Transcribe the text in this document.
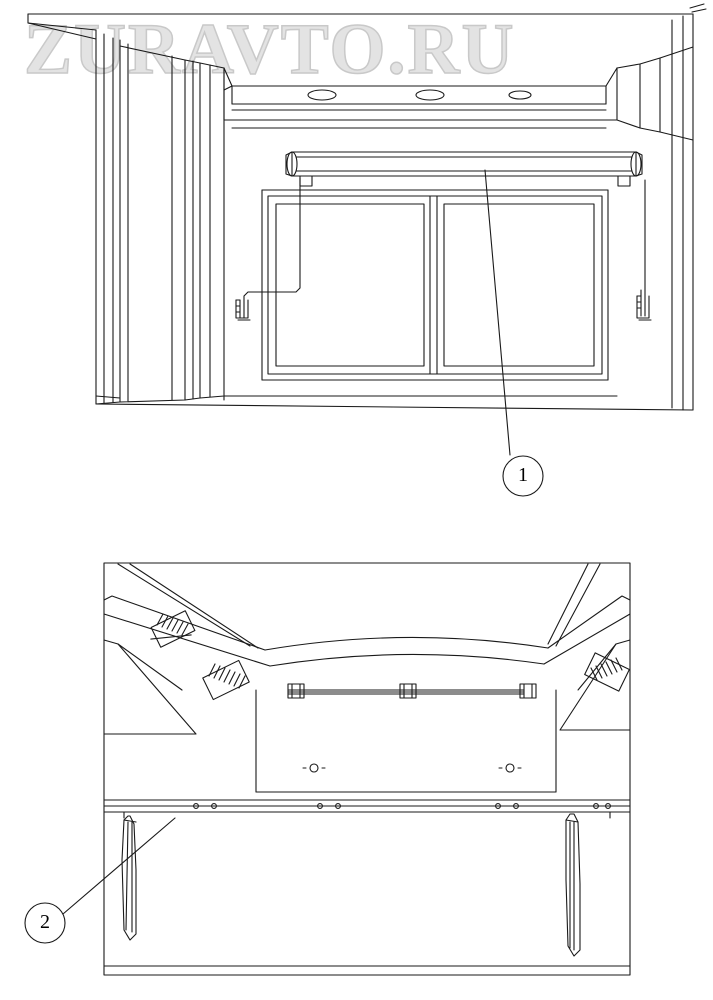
ZURAVTO.RU
1
2
